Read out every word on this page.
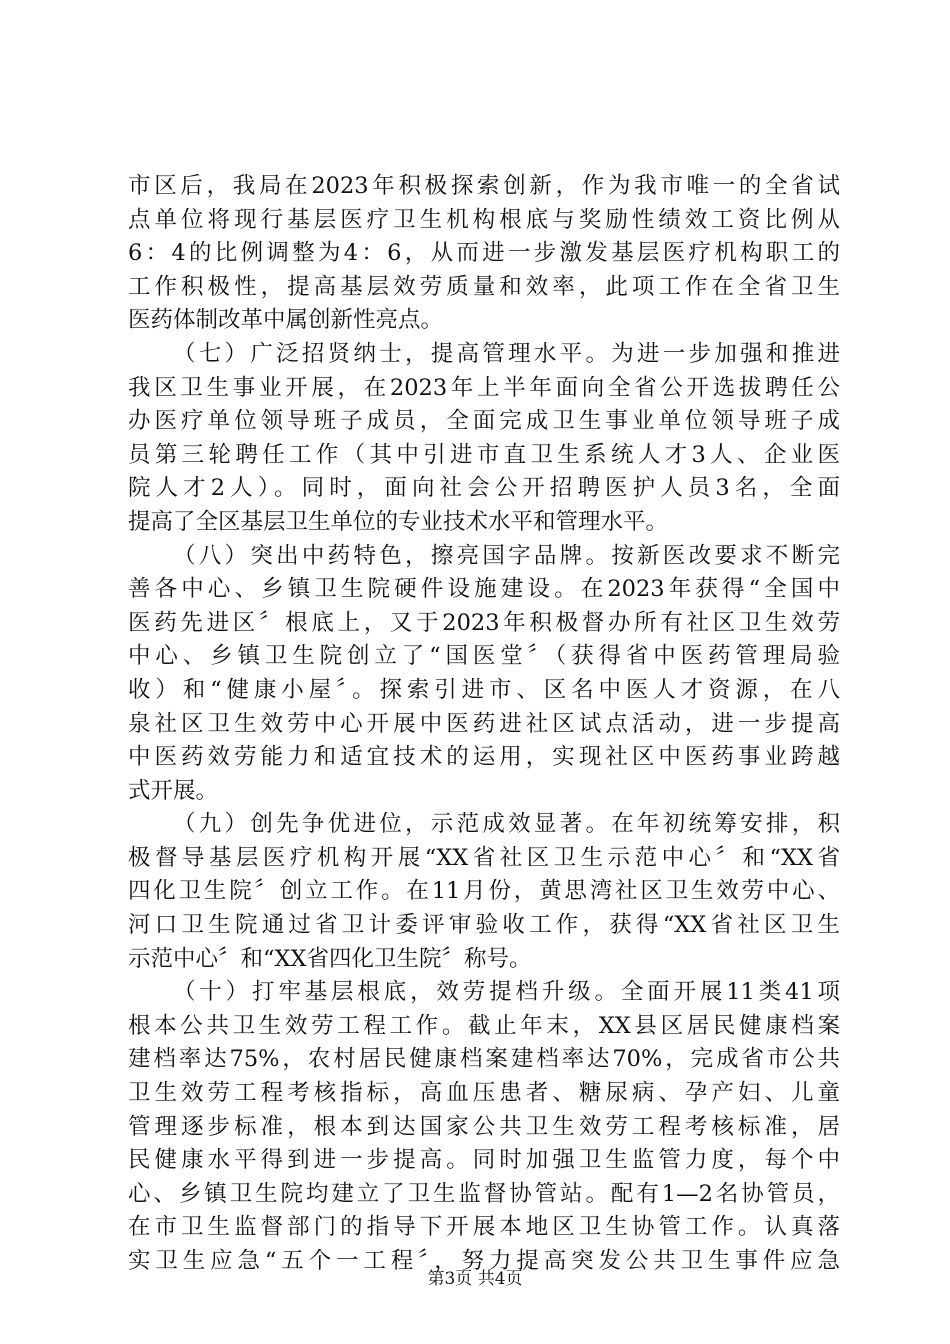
市区后，我局在2023年积极探索创新，作为我市唯一的全省试
点单位将现行基层医疗卫生机构根底与奖励性绩效工资比例从
6：4的比例调整为4：6，从而进一步激发基层医疗机构职工的
工作积极性，提高基层效劳质量和效率，此项工作在全省卫生
医药体制改革中属创新性亮点。
（七）广泛招贤纳士，提高管理水平。为进一步加强和推进
我区卫生事业开展，在2023年上半年面向全省公开选拔聘任公
办医疗单位领导班子成员，全面完成卫生事业单位领导班子成
员第三轮聘任工作（其中引进市直卫生系统人才3人、企业医
院人才2人）。同时，面向社会公开招聘医护人员3名，全面
提高了全区基层卫生单位的专业技术水平和管理水平。
（八）突出中药特色，擦亮国字品牌。按新医改要求不断完
善各中心、乡镇卫生院硬件设施建设。在2023年获得“全国中
医药先进区〞根底上，又于2023年积极督办所有社区卫生效劳
中心、乡镇卫生院创立了“国医堂〞（获得省中医药管理局验
收）和“健康小屋〞。探索引进市、区名中医人才资源，在八
泉社区卫生效劳中心开展中医药进社区试点活动，进一步提高
中医药效劳能力和适宜技术的运用，实现社区中医药事业跨越
式开展。
（九）创先争优进位，示范成效显著。在年初统筹安排，积
极督导基层医疗机构开展“XX省社区卫生示范中心〞和“XX省
四化卫生院〞创立工作。在11月份，黄思湾社区卫生效劳中心、
河口卫生院通过省卫计委评审验收工作，获得“XX省社区卫生
示范中心〞和“XX省四化卫生院〞称号。
（十）打牢基层根底，效劳提档升级。全面开展11类41项
根本公共卫生效劳工程工作。截止年末，XX县区居民健康档案
建档率达75%，农村居民健康档案建档率达70%，完成省市公共
卫生效劳工程考核指标，高血压患者、糖尿病、孕产妇、儿童
管理逐步标准，根本到达国家公共卫生效劳工程考核标准，居
民健康水平得到进一步提高。同时加强卫生监管力度，每个中
心、乡镇卫生院均建立了卫生监督协管站。配有1—2名协管员，
在市卫生监督部门的指导下开展本地区卫生协管工作。认真落
实卫生应急“五个一工程〞，努力提高突发公共卫生事件应急
第3页 共4页
